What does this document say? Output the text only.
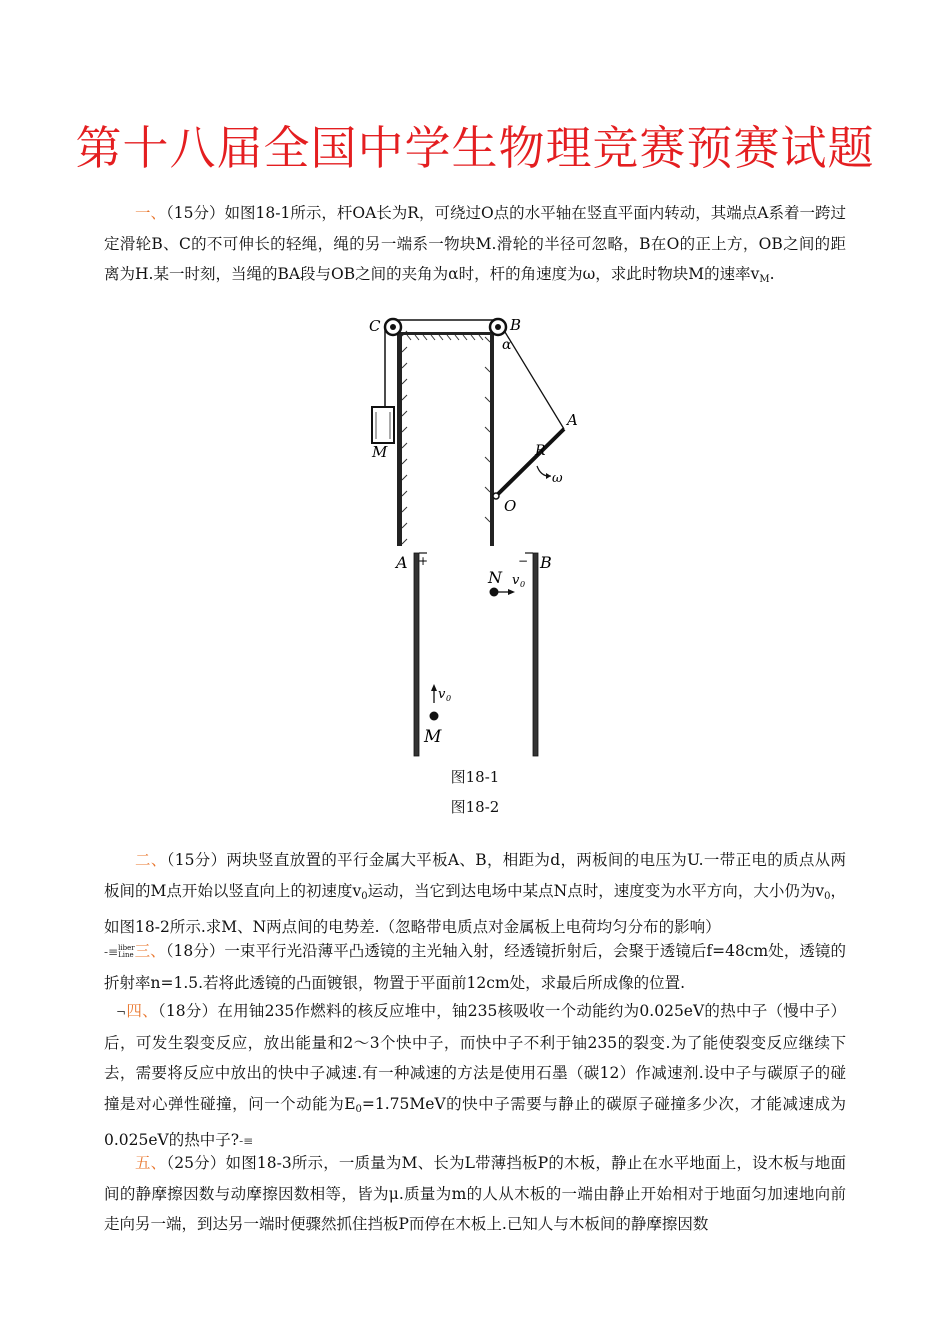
第十八届全国中学生物理竞赛预赛试题
一、（15分）如图18-1所示，杆OA长为R，可绕过O点的水平轴在竖直平面内转动，其端点A系着一跨过定滑轮B、C的不可伸长的轻绳，绳的另一端系一物块M.滑轮的半径可忽略，B在O的正上方，OB之间的距离为H.某一时刻，当绳的BA段与OB之间的夹角为α时，杆的角速度为ω，求此时物块M的速率$v_M$.
C	B
α
A
M	R
ω
O
A +	− B
N v 0
v 0
M
图18-1
图18-2
二、（15分）两块竖直放置的平行金属大平板A、B，相距为d，两板间的电压为U.一带正电的质点从两板间的M点开始以竖直向上的初速度$v_0$运动，当它到达电场中某点N点时，速度变为水平方向，大小仍为$v_0$，如图18-2所示.求M、N两点间的电势差.（忽略带电质点对金属板上电荷均匀分布的影响）
-≡liber
Line三、（18分）一束平行光沿薄平凸透镜的主光轴入射，经透镜折射后，会聚于透镜后f=48cm处，透镜的折射率n=1.5.若将此透镜的凸面镀银，物置于平面前12cm处，求最后所成像的位置.
¬四、（18分）在用铀235作燃料的核反应堆中，铀235核吸收一个动能约为0.025eV的热中子（慢中子）后，可发生裂变反应，放出能量和2～3个快中子，而快中子不利于铀235的裂变.为了能使裂变反应继续下去，需要将反应中放出的快中子减速.有一种减速的方法是使用石墨（碳12）作减速剂.设中子与碳原子的碰撞是对心弹性碰撞，问一个动能为$E_0=1.75MeV$的快中子需要与静止的碳原子碰撞多少次，才能减速成为0.025eV的热中子?-≡
五、（25分）如图18-3所示，一质量为M、长为L带薄挡板P的木板，静止在水平地面上，设木板与地面间的静摩擦因数与动摩擦因数相等，皆为μ.质量为m的人从木板的一端由静止开始相对于地面匀加速地向前走向另一端，到达另一端时便骤然抓住挡板P而停在木板上.已知人与木板间的静摩擦因数
